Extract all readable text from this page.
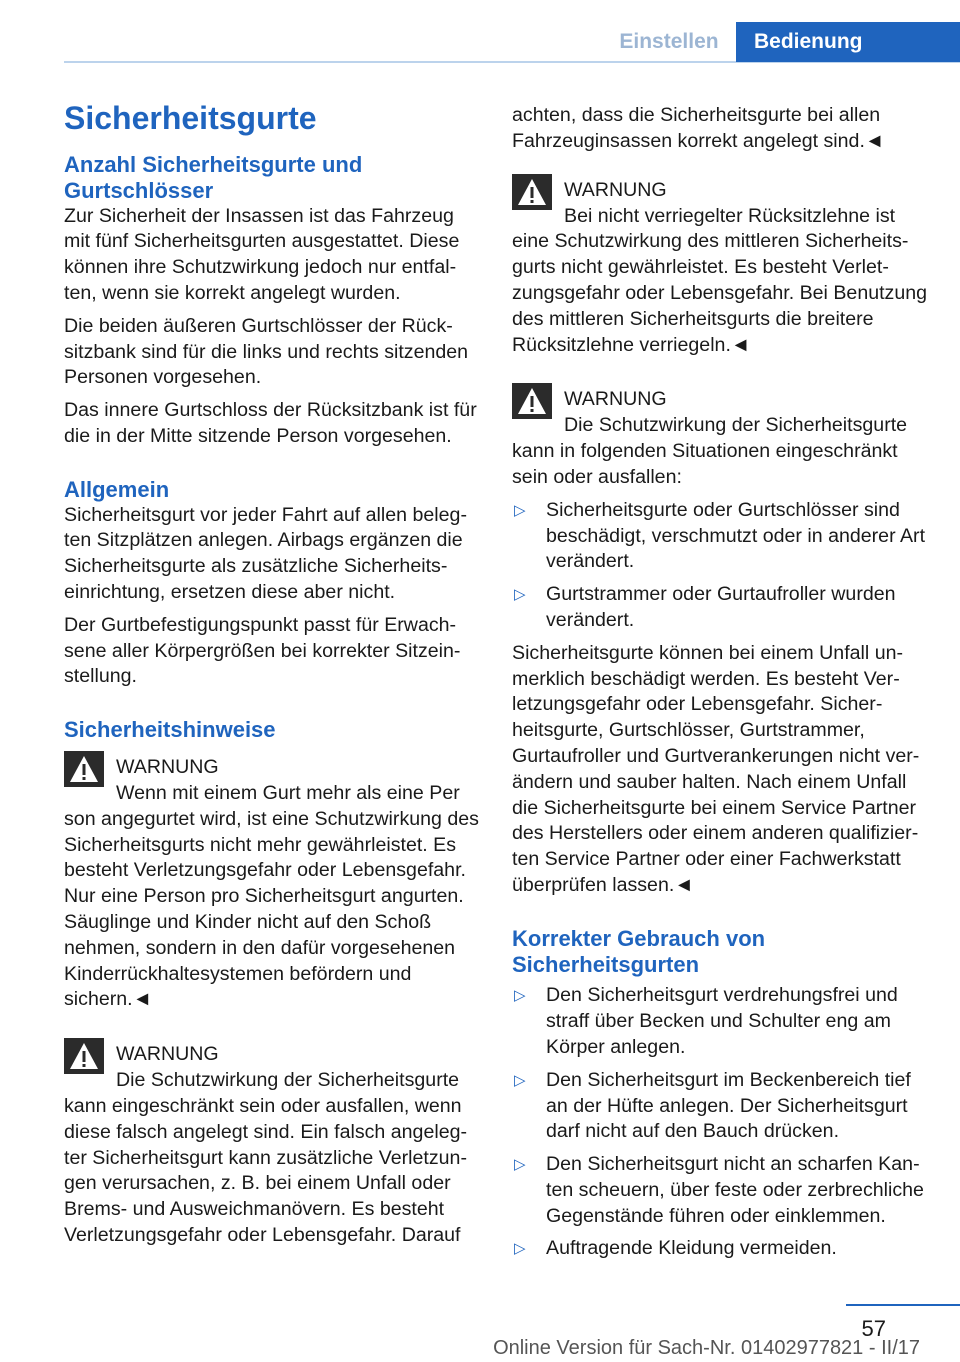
Einstellen	Bedienung
Sicherheitsgurte
Anzahl Sicherheitsgurte und Gurtschlösser

Zur Sicherheit der Insassen ist das Fahrzeug mit fünf Sicherheitsgurten ausgestattet. Diese können ihre Schutzwirkung jedoch nur entfalten, wenn sie korrekt angelegt wurden.

Die beiden äußeren Gurtschlösser der Rücksitzbank sind für die links und rechts sitzenden Personen vorgesehen.

Das innere Gurtschloss der Rücksitzbank ist für die in der Mitte sitzende Person vorgesehen.

Allgemein

Sicherheitsgurt vor jeder Fahrt auf allen belegten Sitzplätzen anlegen. Airbags ergänzen die Sicherheitsgurte als zusätzliche Sicherheitseinrichtung, ersetzen diese aber nicht.

Der Gurtbefestigungspunkt passt für Erwachsene aller Körpergrößen bei korrekter Sitzeinstellung.

Sicherheitshinweise
WARNUNG
Wenn mit einem Gurt mehr als eine Per

son angegurtet wird, ist eine Schutzwirkung des Sicherheitsgurts nicht mehr gewährleistet. Es besteht Verletzungsgefahr oder Lebensgefahr. Nur eine Person pro Sicherheitsgurt angurten. Säuglinge und Kinder nicht auf den Schoß nehmen, sondern in den dafür vorgesehenen Kinderrückhaltesystemen befördern und sichern.◄

WARNUNG
Die Schutzwirkung der Sicherheitsgurte

kann eingeschränkt sein oder ausfallen, wenn diese falsch angelegt sind. Ein falsch angelegter Sicherheitsgurt kann zusätzliche Verletzungen verursachen, z. B. bei einem Unfall oder Brems- und Ausweichmanövern. Es besteht Verletzungsgefahr oder Lebensgefahr. Darauf

achten, dass die Sicherheitsgurte bei allen Fahrzeuginsassen korrekt angelegt sind.◄

WARNUNG
Bei nicht verriegelter Rücksitzlehne ist

eine Schutzwirkung des mittleren Sicherheitsgurts nicht gewährleistet. Es besteht Verletzungsgefahr oder Lebensgefahr. Bei Benutzung des mittleren Sicherheitsgurts die breitere Rücksitzlehne verriegeln.◄

WARNUNG
Die Schutzwirkung der Sicherheitsgurte

kann in folgenden Situationen eingeschränkt sein oder ausfallen:

▷ Sicherheitsgurte oder Gurtschlösser sind beschädigt, verschmutzt oder in anderer Art verändert.
▷ Gurtstrammer oder Gurtaufroller wurden verändert.

Sicherheitsgurte können bei einem Unfall unmerklich beschädigt werden. Es besteht Verletzungsgefahr oder Lebensgefahr. Sicherheitsgurte, Gurtschlösser, Gurtstrammer, Gurtaufroller und Gurtverankerungen nicht verändern und sauber halten. Nach einem Unfall die Sicherheitsgurte bei einem Service Partner des Herstellers oder einem anderen qualifizierten Service Partner oder einer Fachwerkstatt überprüfen lassen.◄

Korrekter Gebrauch von Sicherheitsgurten
▷ Den Sicherheitsgurt verdrehungsfrei und straff über Becken und Schulter eng am Körper anlegen.
▷ Den Sicherheitsgurt im Beckenbereich tief an der Hüfte anlegen. Der Sicherheitsgurt darf nicht auf den Bauch drücken.
▷ Den Sicherheitsgurt nicht an scharfen Kanten scheuern, über feste oder zerbrechliche Gegenstände führen oder einklemmen.
▷ Auftragende Kleidung vermeiden.
57
Online Version für Sach-Nr. 01402977821 - II/17
